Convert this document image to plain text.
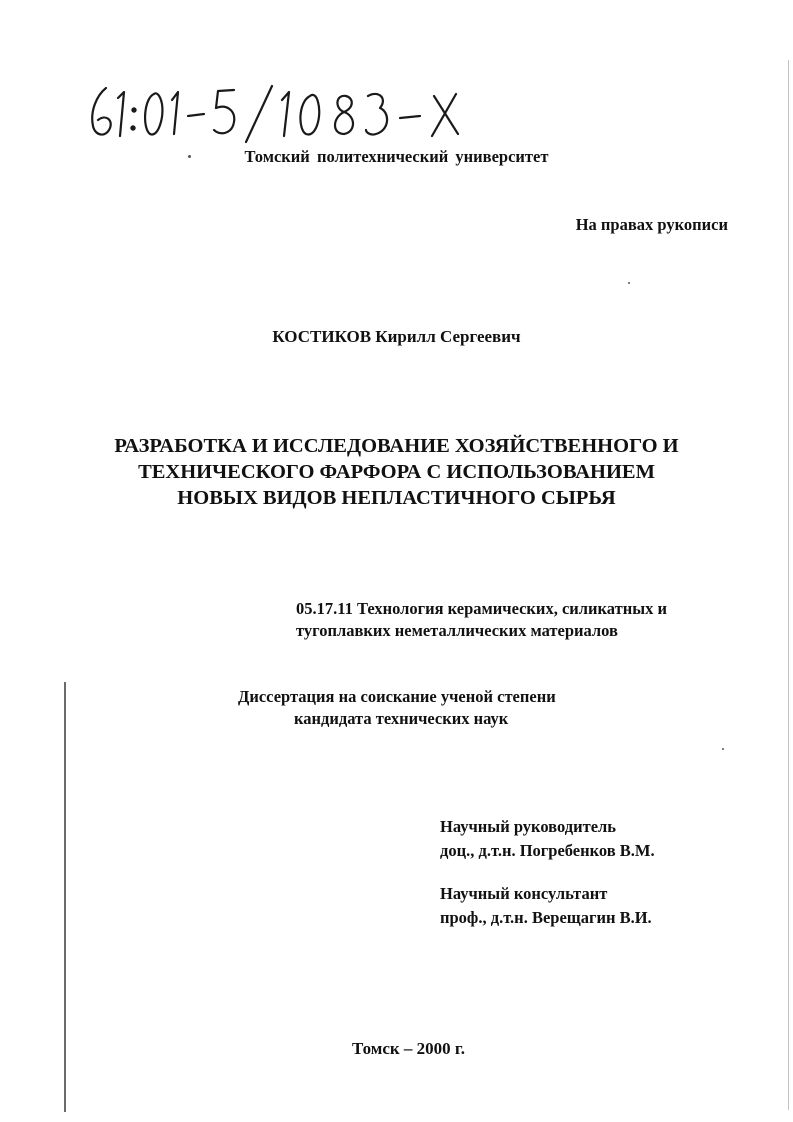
Томский политехнический университет
На правах рукописи
КОСТИКОВ Кирилл Сергеевич
РАЗРАБОТКА И ИССЛЕДОВАНИЕ ХОЗЯЙСТВЕННОГО И
ТЕХНИЧЕСКОГО ФАРФОРА С ИСПОЛЬЗОВАНИЕМ
НОВЫХ ВИДОВ НЕПЛАСТИЧНОГО СЫРЬЯ
05.17.11 Технология керамических, силикатных и
тугоплавких неметаллических материалов
Диссертация на соискание ученой степени
кандидата технических наук
Научный руководитель
доц., д.т.н. Погребенков В.М.
Научный консультант
проф., д.т.н. Верещагин В.И.
Томск – 2000 г.
